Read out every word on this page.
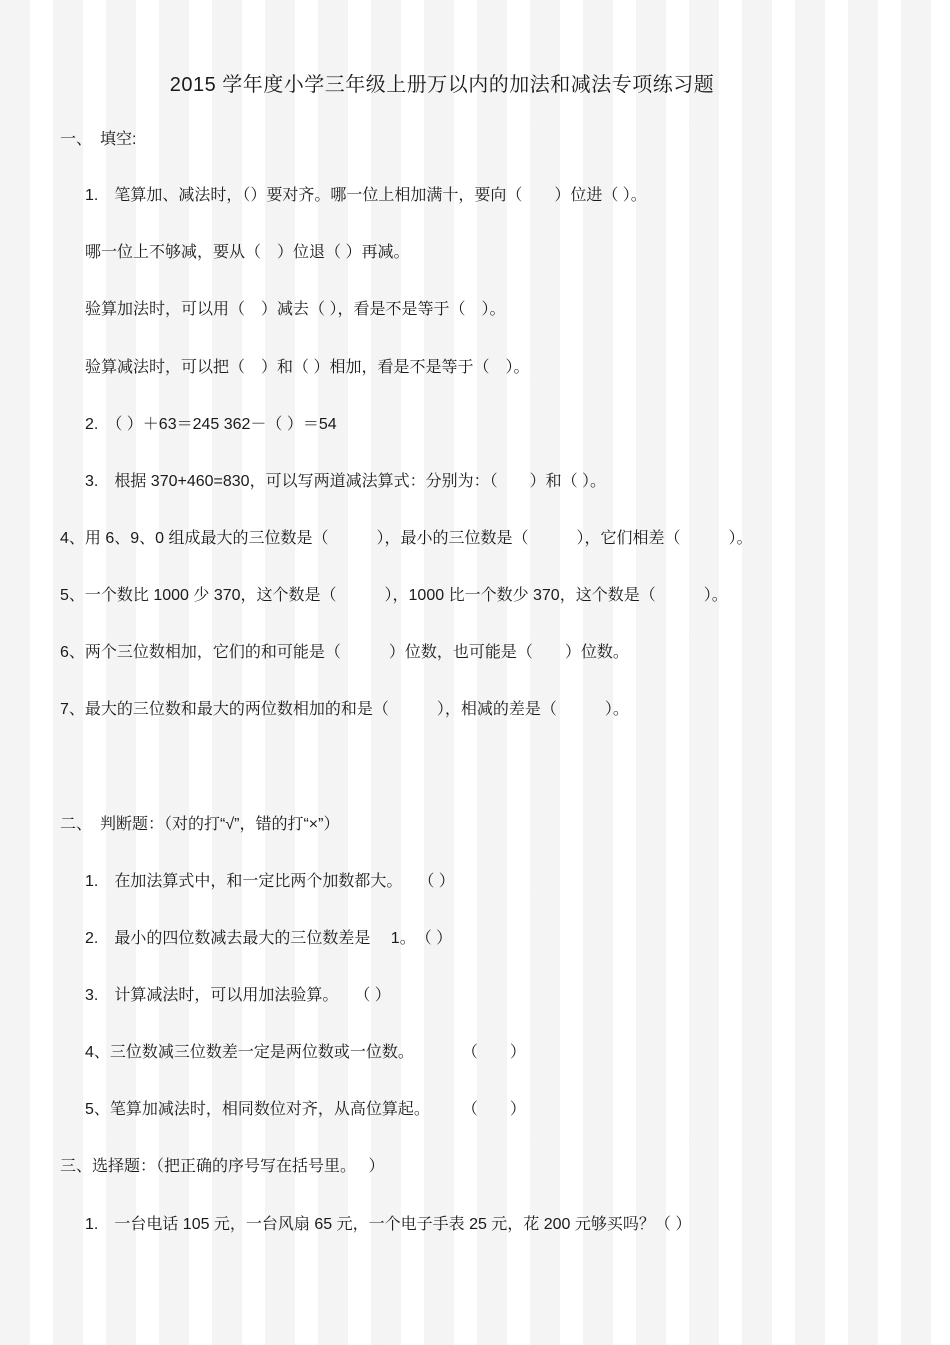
2015 学年度小学三年级上册万以内的加法和减法专项练习题
一、　填空:
1.　笔算加、减法时，（）要对齐。哪一位上相加满十，要向（　　）位进（ ）。
哪一位上不够减，要从（　）位退（ ）再减。
验算加法时，可以用（　）减去（ ），看是不是等于（　）。
验算减法时，可以把（　）和（ ）相加，看是不是等于（　）。
2.　（ ）＋63＝245 362－（ ）＝54
3.　根据 370+460=830，可以写两道减法算式：分别为：（　　）和（ ）。
4、用 6、9、0 组成最大的三位数是（　　　），最小的三位数是（　　　），它们相差（　　　）。
5、一个数比 1000 少 370，这个数是（　　　），1000 比一个数少 370，这个数是（　　　）。
6、两个三位数相加，它们的和可能是（　　　）位数，也可能是（　　）位数。
7、最大的三位数和最大的两位数相加的和是（　　　），相减的差是（　　　）。
二、　判断题：（对的打“√”，错的打“×”）
1.　在加法算式中，和一定比两个加数都大。　　（ ）
2.　最小的四位数减去最大的三位数差是　 1。　（ ）
3.　计算减法时，可以用加法验算。　　（ ）
4、三位数减三位数差一定是两位数或一位数。　　　　（　　）
5、笔算加减法时，相同数位对齐，从高位算起。　　　（　　）
三、选择题：（把正确的序号写在括号里。　 ）
1.　一台电话 105 元，一台风扇 65 元，一个电子手表 25 元，花 200 元够买吗？（ ）
